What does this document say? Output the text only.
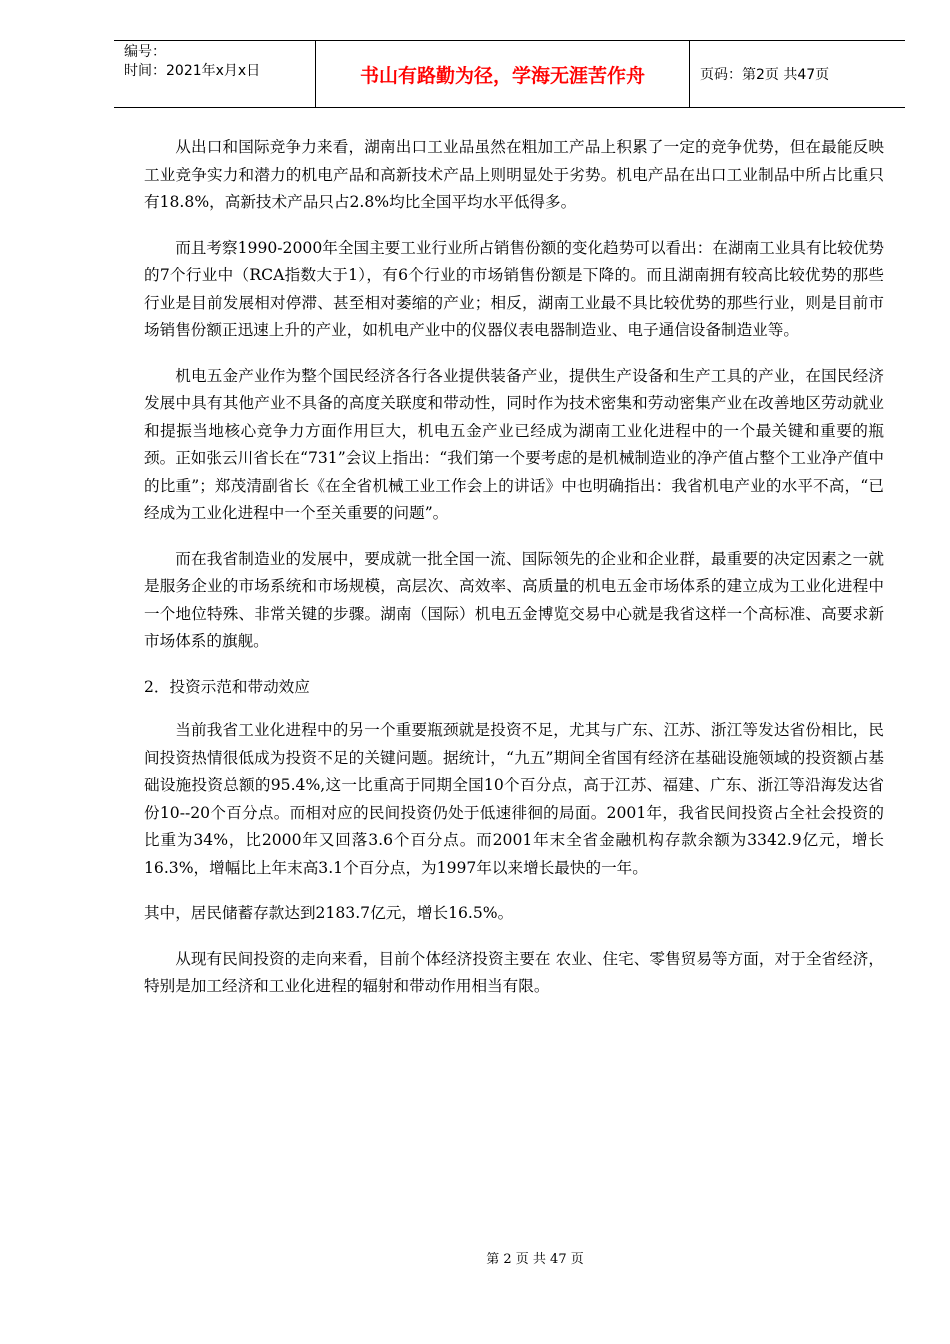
编号：
时间：2021年x月x日	书山有路勤为径，学海无涯苦作舟	页码：第2页 共47页

从出口和国际竞争力来看，湖南出口工业品虽然在粗加工产品上积累了一定的竞争优势，但在最能反映工业竞争实力和潜力的机电产品和高新技术产品上则明显处于劣势。机电产品在出口工业制品中所占比重只有18.8%，高新技术产品只占2.8%均比全国平均水平低得多。

而且考察1990-2000年全国主要工业行业所占销售份额的变化趋势可以看出：在湖南工业具有比较优势的7个行业中（RCA指数大于1），有6个行业的市场销售份额是下降的。而且湖南拥有较高比较优势的那些行业是目前发展相对停滞、甚至相对萎缩的产业；相反，湖南工业最不具比较优势的那些行业，则是目前市场销售份额正迅速上升的产业，如机电产业中的仪器仪表电器制造业、电子通信设备制造业等。

机电五金产业作为整个国民经济各行各业提供装备产业，提供生产设备和生产工具的产业，在国民经济发展中具有其他产业不具备的高度关联度和带动性，同时作为技术密集和劳动密集产业在改善地区劳动就业和提振当地核心竞争力方面作用巨大，机电五金产业已经成为湖南工业化进程中的一个最关键和重要的瓶颈。正如张云川省长在“731”会议上指出：“我们第一个要考虑的是机械制造业的净产值占整个工业净产值中的比重”；郑茂清副省长《在全省机械工业工作会上的讲话》中也明确指出：我省机电产业的水平不高，“已经成为工业化进程中一个至关重要的问题”。

而在我省制造业的发展中，要成就一批全国一流、国际领先的企业和企业群，最重要的决定因素之一就是服务企业的市场系统和市场规模，高层次、高效率、高质量的机电五金市场体系的建立成为工业化进程中一个地位特殊、非常关键的步骤。湖南（国际）机电五金博览交易中心就是我省这样一个高标准、高要求新市场体系的旗舰。

2．投资示范和带动效应

当前我省工业化进程中的另一个重要瓶颈就是投资不足，尤其与广东、江苏、浙江等发达省份相比，民间投资热情很低成为投资不足的关键问题。据统计，“九五”期间全省国有经济在基础设施领域的投资额占基础设施投资总额的95.4%,这一比重高于同期全国10个百分点，高于江苏、福建、广东、浙江等沿海发达省份10--20个百分点。而相对应的民间投资仍处于低速徘徊的局面。2001年，我省民间投资占全社会投资的比重为34%，比2000年又回落3.6个百分点。而2001年末全省金融机构存款余额为3342.9亿元，增长16.3%，增幅比上年末高3.1个百分点，为1997年以来增长最快的一年。

其中，居民储蓄存款达到2183.7亿元，增长16.5%。

从现有民间投资的走向来看，目前个体经济投资主要在 农业、住宅、零售贸易等方面，对于全省经济，特别是加工经济和工业化进程的辐射和带动作用相当有限。

第 2 页 共 47 页
